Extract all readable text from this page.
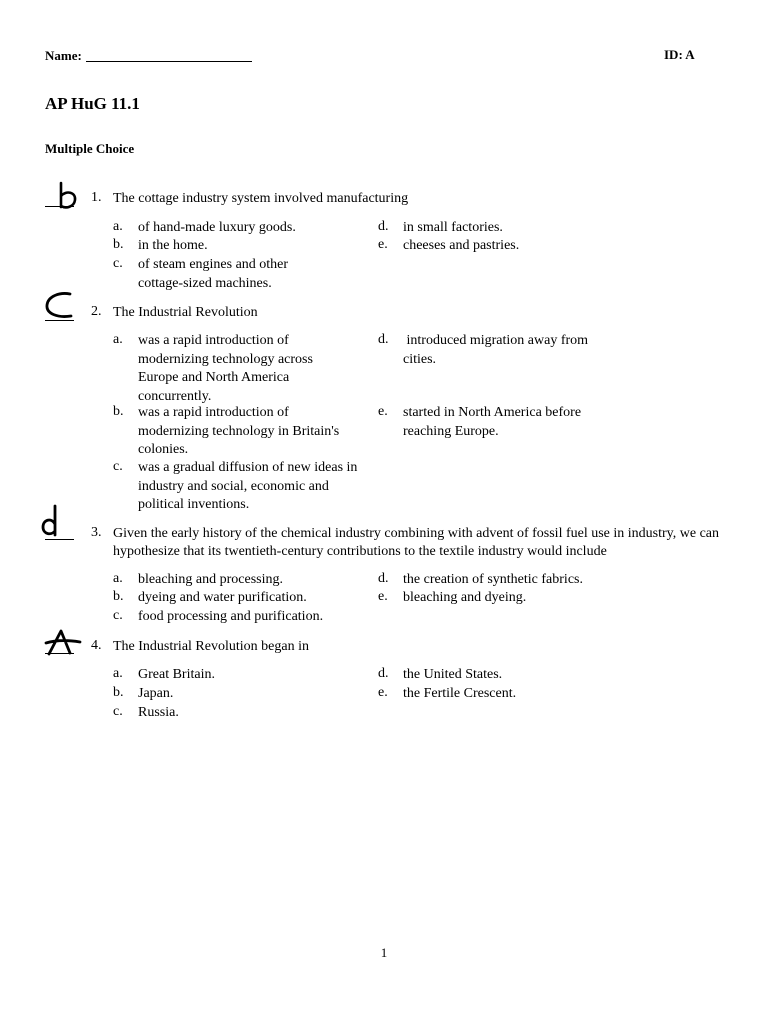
Name:	ID: A
AP HuG 11.1
Multiple Choice
1. The cottage industry system involved manufacturing
a.	of hand-made luxury goods.
b.	in the home.
c.	of steam engines and other cottage-sized machines.
d.	in small factories.
e.	cheeses and pastries.
2. The Industrial Revolution
a.	was a rapid introduction of modernizing technology across Europe and North America concurrently.
b.	was a rapid introduction of modernizing technology in Britain's colonies.
c.	was a gradual diffusion of new ideas in industry and social, economic and political inventions.
d.	introduced migration away from cities.
e.	started in North America before reaching Europe.
3. Given the early history of the chemical industry combining with advent of fossil fuel use in industry, we can hypothesize that its twentieth-century contributions to the textile industry would include
a.	bleaching and processing.
b.	dyeing and water purification.
c.	food processing and purification.
d.	the creation of synthetic fabrics.
e.	bleaching and dyeing.
4. The Industrial Revolution began in
a.	Great Britain.
b.	Japan.
c.	Russia.
d.	the United States.
e.	the Fertile Crescent.
1
